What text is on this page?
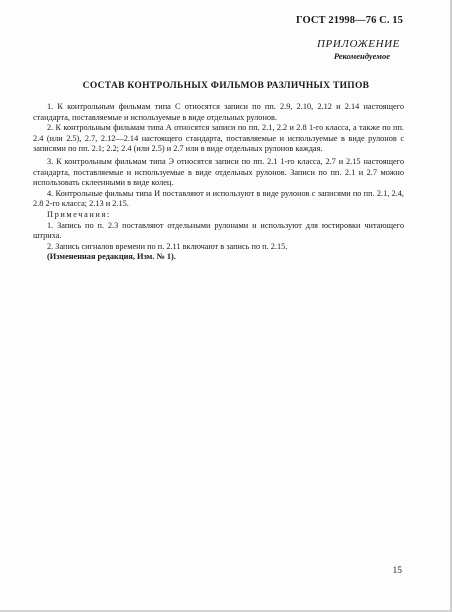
ГОСТ 21998—76 С. 15
ПРИЛОЖЕНИЕ
Рекомендуемое
СОСТАВ КОНТРОЛЬНЫХ ФИЛЬМОВ РАЗЛИЧНЫХ ТИПОВ

1. К контрольным фильмам типа С относятся записи по пп. 2.9, 2.10, 2.12 и 2.14 настоящего стандарта, поставляемые и используемые в виде отдельных рулонов.

2. К контрольным фильмам типа А относятся записи по пп. 2.1, 2.2 и 2.8 1-го класса, а также по пп. 2.4 (или 2.5), 2.7, 2.12—2.14 настоящего стандарта, поставляемые и используемые в виде рулонов с записями по пп. 2.1; 2.2; 2.4 (или 2.5) и 2.7 или в виде отдельных рулонов каждая.

3. К контрольным фильмам типа Э относятся записи по пп. 2.1 1-го класса, 2.7 и 2.15 настоящего стандарта, поставляемые и используемые в виде отдельных рулонов. Записи по пп. 2.1 и 2.7 можно использовать склеенными в виде колец.

4. Контрольные фильмы типа И поставляют и используют в виде рулонов с записями по пп. 2.1, 2.4, 2.8 2-го класса; 2.13 и 2.15.

Примечания:

1. Запись по п. 2.3 поставляют отдельными рулонами и используют для юстировки читающего штриха.

2. Запись сигналов времени по п. 2.11 включают в запись по п. 2.15.

(Измененная редакция, Изм. № 1).

15
